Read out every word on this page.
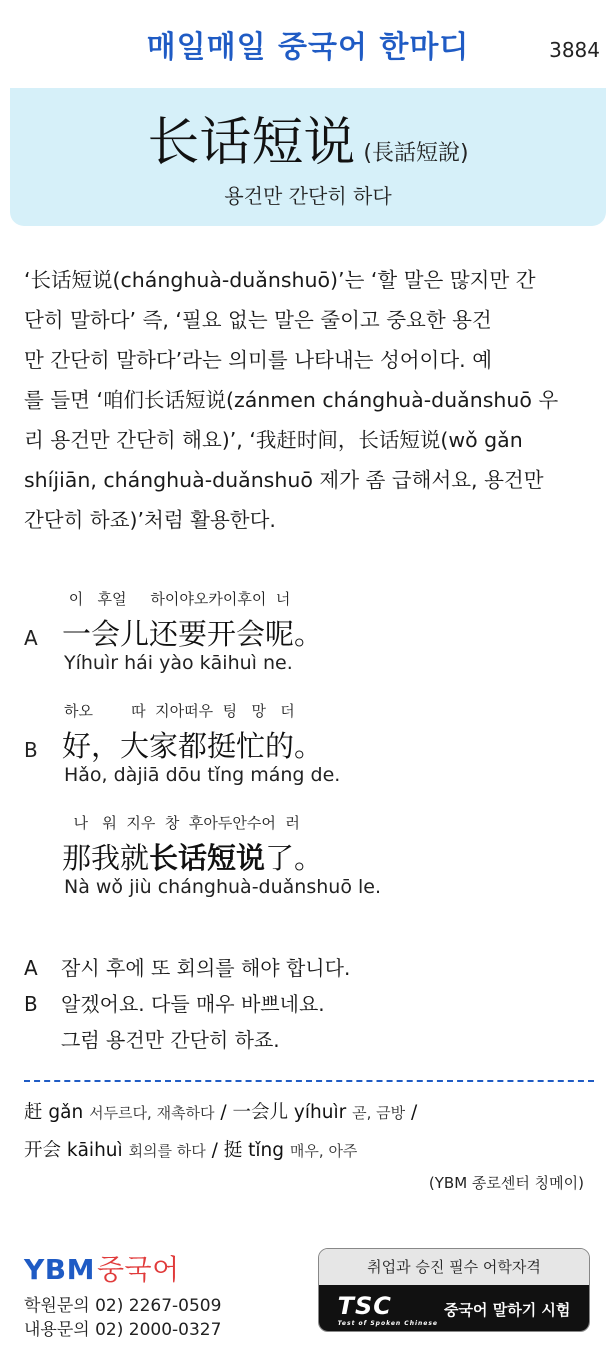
매일매일 중국어 한마디	3884
长话短说 (長話短說)
용건만 간단히 하다
‘长话短说(chánghuà-duǎnshuō)’는 ‘할 말은 많지만 간
단히 말하다’ 즉, ‘필요 없는 말은 줄이고 중요한 용건
만 간단히 말하다’라는 의미를 나타내는 성어이다. 예
를 들면 ‘咱们长话短说(zánmen chánghuà-duǎnshuō 우
리 용건만 간단히 해요)’, ‘我赶时间，长话短说(wǒ gǎn
shíjiān, chánghuà-duǎnshuō 제가 좀 급해서요, 용건만
간단히 하죠)’처럼 활용한다.
이   후얼     하이야오카이후이  너
A 一会儿还要开会呢。
Yíhuìr hái yào kāihuì ne.
하오        따  지아떠우  팅   망   더
B 好，大家都挺忙的。
Hǎo, dàjiā dōu tǐng máng de.
나   워  지우  창  후아두안수어  러
那我就长话短说了。
Nà wǒ jiù chánghuà-duǎnshuō le.
A	잠시 후에 또 회의를 해야 합니다.
B	알겠어요. 다들 매우 바쁘네요.
그럼 용건만 간단히 하죠.
赶 gǎn 서두르다, 재촉하다 / 一会儿 yíhuìr 곧, 금방 /
开会 kāihuì 회의를 하다 / 挺 tǐng 매우, 아주
(YBM 종로센터 칭메이)
YBM중국어
학원문의 02) 2267-0509
내용문의 02) 2000-0327
취업과 승진 필수 어학자격
TSC
Test of Spoken Chinese
중국어 말하기 시험
